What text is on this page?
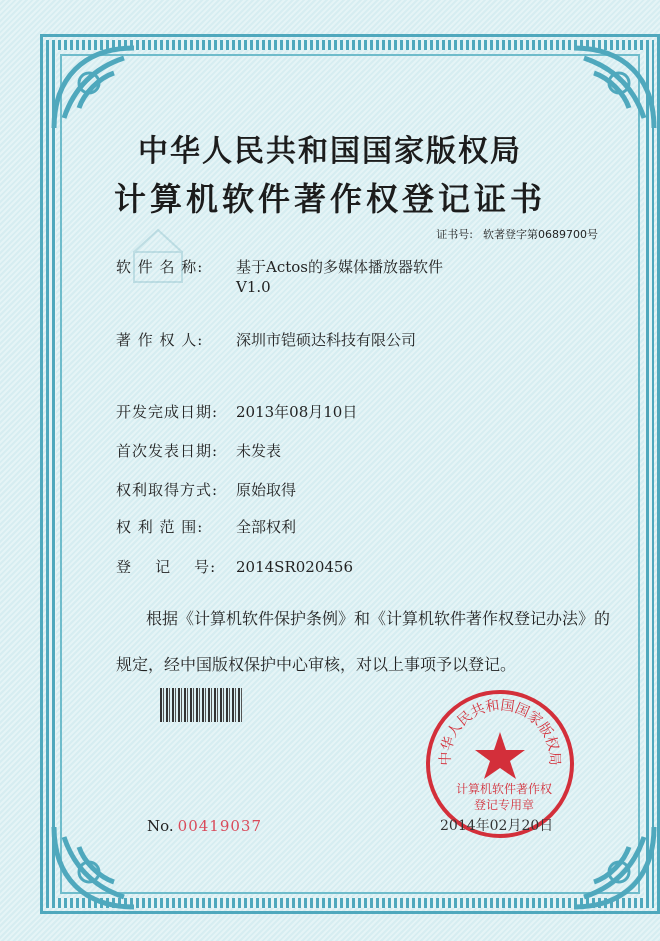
中华人民共和国国家版权局
计算机软件著作权登记证书
证书号: 软著登字第0689700号
软 件 名 称: 基于Actos的多媒体播放器软件
V1.0
著 作 权 人: 深圳市铠硕达科技有限公司
开发完成日期: 2013年08月10日
首次发表日期: 未发表
权利取得方式: 原始取得
权 利 范 围: 全部权利
登    记    号: 2014SR020456
根据《计算机软件保护条例》和《计算机软件著作权登记办法》的
规定，经中国版权保护中心审核，对以上事项予以登记。
中华人民共和国国家版权局
计算机软件著作权
登记专用章
No. 00419037	2014年02月20日
